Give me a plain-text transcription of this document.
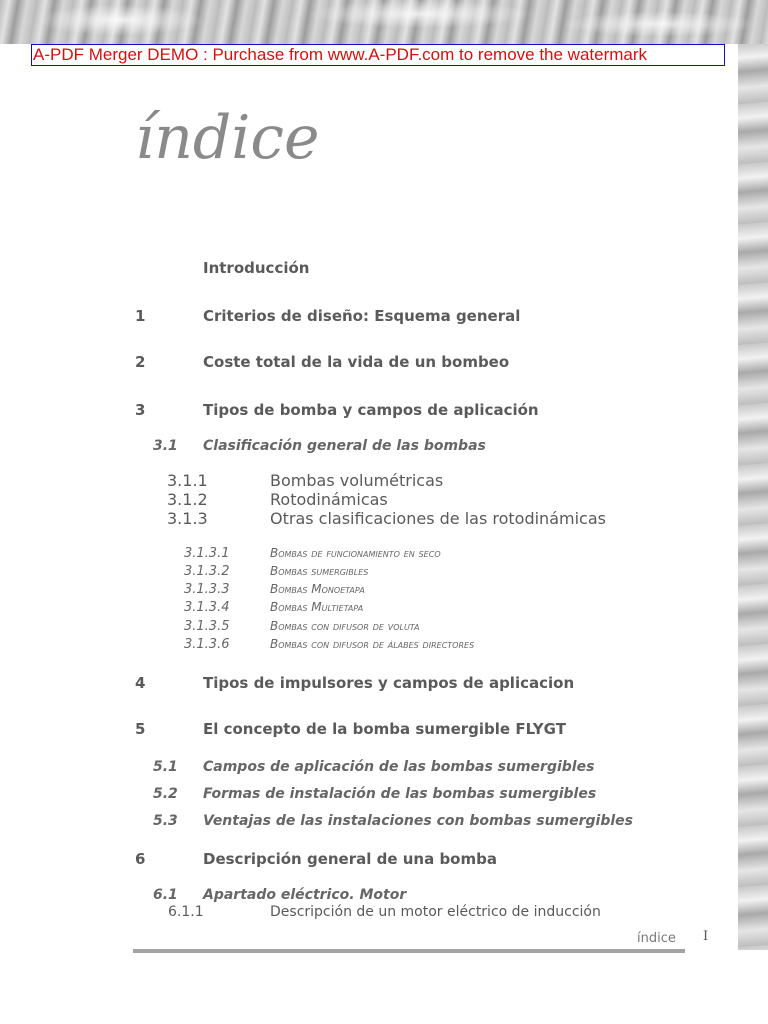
A-PDF Merger DEMO : Purchase from www.A-PDF.com to remove the watermark
índice
Introducción
1	Criterios de diseño: Esquema general
2	Coste total de la vida de un bombeo
3	Tipos de bomba y campos de aplicación
3.1 Clasificación general de las bombas
3.1.1	Bombas volumétricas
3.1.2	Rotodinámicas
3.1.3	Otras clasificaciones de las rotodinámicas
3.1.3.1	Bombas de funcionamiento en seco
3.1.3.2	Bombas sumergibles
3.1.3.3	Bombas Monoetapa
3.1.3.4	Bombas Multietapa
3.1.3.5	Bombas con difusor de voluta
3.1.3.6	Bombas con difusor de álabes directores
4	Tipos de impulsores y campos de aplicacion
5	El concepto de la bomba sumergible FLYGT
5.1 Campos de aplicación de las bombas sumergibles
5.2 Formas de instalación de las bombas sumergibles
5.3 Ventajas de las instalaciones con bombas sumergibles
6	Descripción general de una bomba
6.1 Apartado eléctrico. Motor
6.1.1	Descripción de un motor eléctrico de inducción
índice I
